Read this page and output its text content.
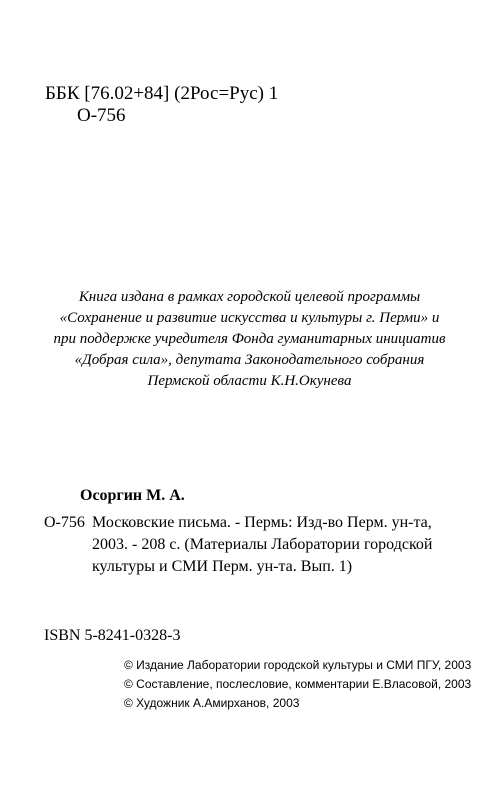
ББК [76.02+84] (2Рос=Рус) 1
О-756
Книга издана в рамках городской целевой программы
«Сохранение и развитие искусства и культуры г. Перми» и
при поддержке учредителя Фонда гуманитарных инициатив
«Добрая сила», депутата Законодательного собрания
Пермской области К.Н.Окунева
Осоргин М. А.
О-756 Московские письма. - Пермь: Изд-во Перм. ун-та,
2003. - 208 с. (Материалы Лаборатории городской
культуры и СМИ Перм. ун-та. Вып. 1)
ISBN 5-8241-0328-3
© Издание Лаборатории городской культуры и СМИ ПГУ, 2003
© Составление, послесловие, комментарии Е.Власовой, 2003
© Художник А.Амирханов, 2003
